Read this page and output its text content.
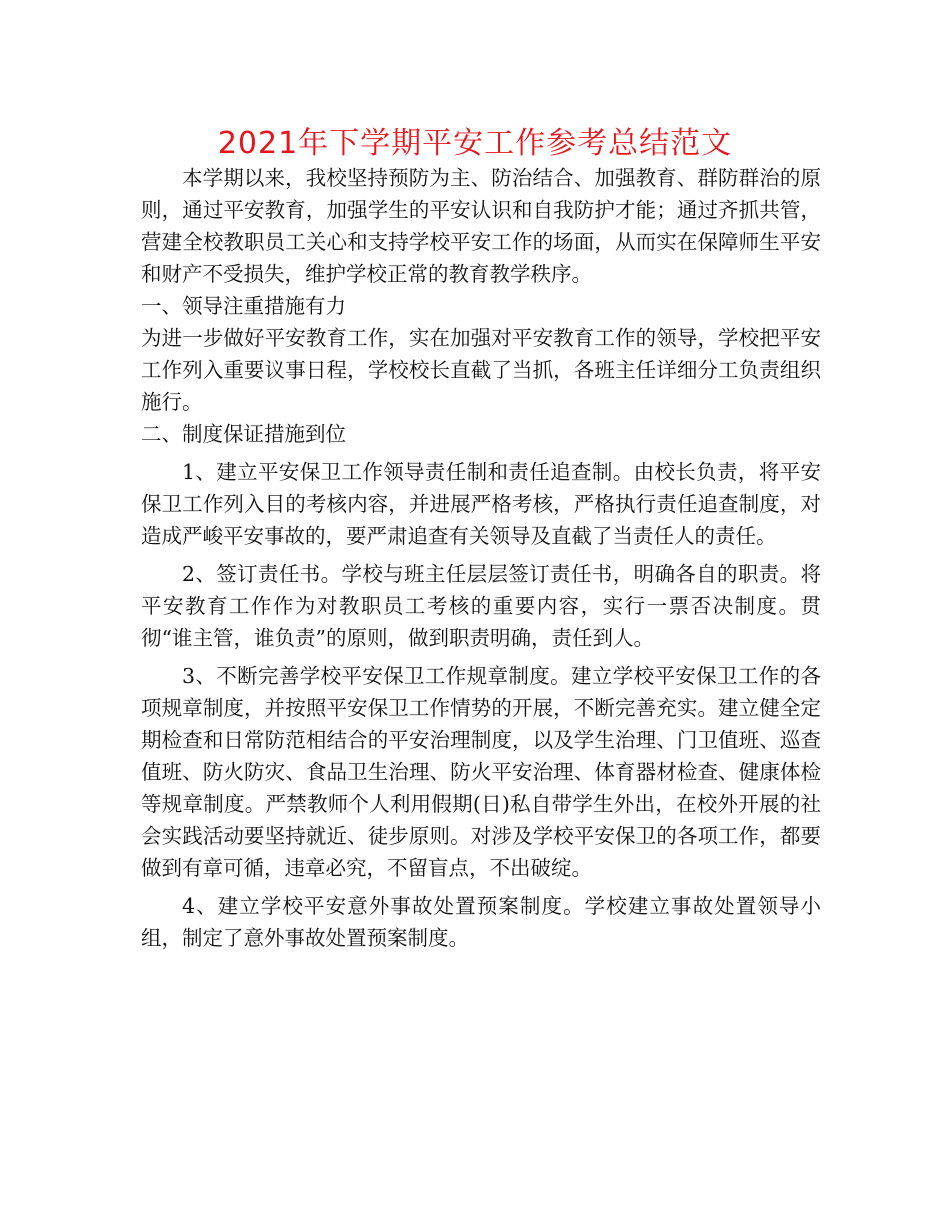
2021年下学期平安工作参考总结范文

本学期以来，我校坚持预防为主、防治结合、加强教育、群防群治的原则，通过平安教育，加强学生的平安认识和自我防护才能；通过齐抓共管，营建全校教职员工关心和支持学校平安工作的场面，从而实在保障师生平安和财产不受损失，维护学校正常的教育教学秩序。

一、领导注重措施有力

为进一步做好平安教育工作，实在加强对平安教育工作的领导，学校把平安工作列入重要议事日程，学校校长直截了当抓，各班主任详细分工负责组织施行。

二、制度保证措施到位

1、建立平安保卫工作领导责任制和责任追查制。由校长负责，将平安保卫工作列入目的考核内容，并进展严格考核，严格执行责任追查制度，对造成严峻平安事故的，要严肃追查有关领导及直截了当责任人的责任。

2、签订责任书。学校与班主任层层签订责任书，明确各自的职责。将平安教育工作作为对教职员工考核的重要内容，实行一票否决制度。贯彻“谁主管，谁负责”的原则，做到职责明确，责任到人。

3、不断完善学校平安保卫工作规章制度。建立学校平安保卫工作的各项规章制度，并按照平安保卫工作情势的开展，不断完善充实。建立健全定期检查和日常防范相结合的平安治理制度，以及学生治理、门卫值班、巡查值班、防火防灾、食品卫生治理、防火平安治理、体育器材检查、健康体检等规章制度。严禁教师个人利用假期(日)私自带学生外出，在校外开展的社会实践活动要坚持就近、徒步原则。对涉及学校平安保卫的各项工作，都要做到有章可循，违章必究，不留盲点，不出破绽。

4、建立学校平安意外事故处置预案制度。学校建立事故处置领导小组，制定了意外事故处置预案制度。
